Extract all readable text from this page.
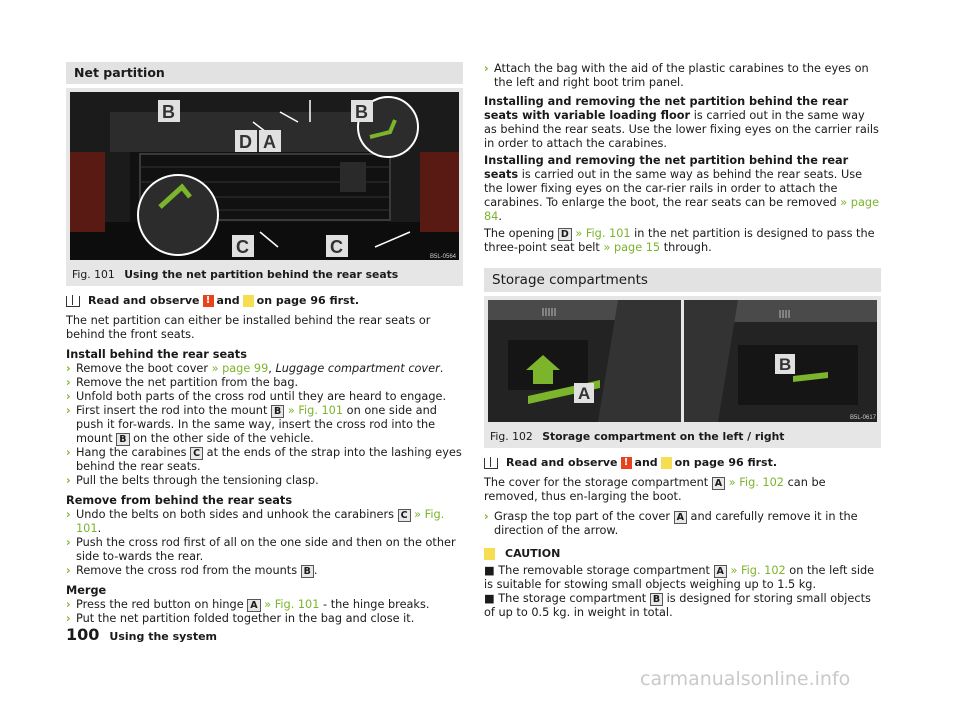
Net partition
B
D A
B
C	C	B5L-0564
Fig. 101 Using the net partition behind the rear seats
Read and observe ! and on page 96 first.

The net partition can either be installed behind the rear seats or behind the front seats.

Install behind the rear seats

› Remove the boot cover » page 99, Luggage compartment cover.
› Remove the net partition from the bag.
› Unfold both parts of the cross rod until they are heard to engage.
› First insert the rod into the mount B » Fig. 101 on one side and push it for-wards. In the same way, insert the cross rod into the mount B on the other side of the vehicle.
› Hang the carabines C at the ends of the strap into the lashing eyes behind the rear seats.
› Pull the belts through the tensioning clasp.

Remove from behind the rear seats

› Undo the belts on both sides and unhook the carabiners C » Fig. 101.
› Push the cross rod first of all on the one side and then on the other side to-wards the rear.
› Remove the cross rod from the mounts B .

Merge

› Press the red button on hinge A » Fig. 101 - the hinge breaks.
› Put the net partition folded together in the bag and close it.
› Attach the bag with the aid of the plastic carabines to the eyes on the left and right boot trim panel.

Installing and removing the net partition behind the rear seats with variable loading floor is carried out in the same way as behind the rear seats. Use the lower fixing eyes on the carrier rails in order to attach the carabines.

Installing and removing the net partition behind the rear seats is carried out in the same way as behind the rear seats. Use the lower fixing eyes on the car-rier rails in order to attach the carabines. To enlarge the boot, the rear seats can be removed » page 84.

The opening D » Fig. 101 in the net partition is designed to pass the three-point seat belt » page 15 through.

Storage compartments
A
B
B5L-0617
Fig. 102 Storage compartment on the left / right
Read and observe ! and on page 96 first.

The cover for the storage compartment A » Fig. 102 can be removed, thus en-larging the boot.

› Grasp the top part of the cover A and carefully remove it in the direction of the arrow.
CAUTION

■ The removable storage compartment A » Fig. 102 on the left side is suitable for stowing small objects weighing up to 1.5 kg.

■ The storage compartment B is designed for storing small objects of up to 0.5 kg. in weight in total.

100 Using the system
carmanualsonline.info
